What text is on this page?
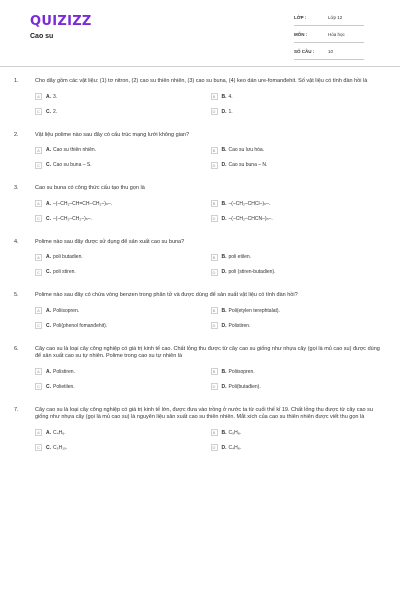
QUIZIZZ
Cao su
LỚP :	Lớp 12
MÔN :	Hóa học
SỐ CÂU :	10
1.	Cho dãy gồm các vật liệu: (1) tơ nitron, (2) cao su thiên nhiên, (3) cao su buna, (4) keo dán ure-fomanđehit. Số vật liệu có tính đàn hồi là
A	A. 3.	B	B. 4.
C	C. 2.	D	D. 1.
2.	Vật liệu polime nào sau đây có cấu trúc mạng lưới không gian?
A	A. Cao su thiên nhiên.	B	B. Cao su lưu hóa.
C	C. Cao su buna – S.	D	D. Cao su buna – N.
3.	Cao su buna có công thức cấu tạo thu gọn là
A	A. –(–CH₂–CH=CH–CH₂–)ₙ–.	B	B. –(–CH₂–CHCl–)ₙ–.
C	C. –(–CH₂–CH₂–)ₙ–.	D	D. –(–CH₂–CHCN–)ₙ–.
4.	Polime nào sau đây được sử dụng để sản xuất cao su buna?
A	A. poli butadien.	B	B. poli etilen.
C	C. poli stiren.	D	D. poli (stiren-butadien).
5.	Polime nào sau đây có chứa vòng benzen trong phân tử và được dùng để sản xuất vật liệu có tính đàn hồi?
A	A. Poliisopren.	B	B. Poli(etylen terephtalat).
C	C. Poli(phenol fomanđehit).	D	D. Polistiren.
6.	Cây cao su là loại cây công nghiệp có giá trị kinh tế cao. Chất lỏng thu được từ cây cao su giống như nhựa cây (gọi là mủ cao su) được dùng để sản xuất cao su tự nhiên. Polime trong cao su tự nhiên là
A	A. Polistiren.	B	B. Poliisopren.
C	C. Polietilen.	D	D. Poli(butađien).
7.	Cây cao su là loại cây công nghiệp có giá trị kinh tế lớn, được đưa vào trồng ở nước ta từ cuối thế kỉ 19. Chất lỏng thu được từ cây cao su giống như nhựa cây (gọi là mủ cao su) là nguyên liệu sản xuất cao su thiên nhiên. Mắt xích của cao su thiên nhiên được viết thu gọn là
A	A. C₄H₆.	B	B. C₅H₈.
C	C. C₅H₁₀.	D	D. C₄H₈.
